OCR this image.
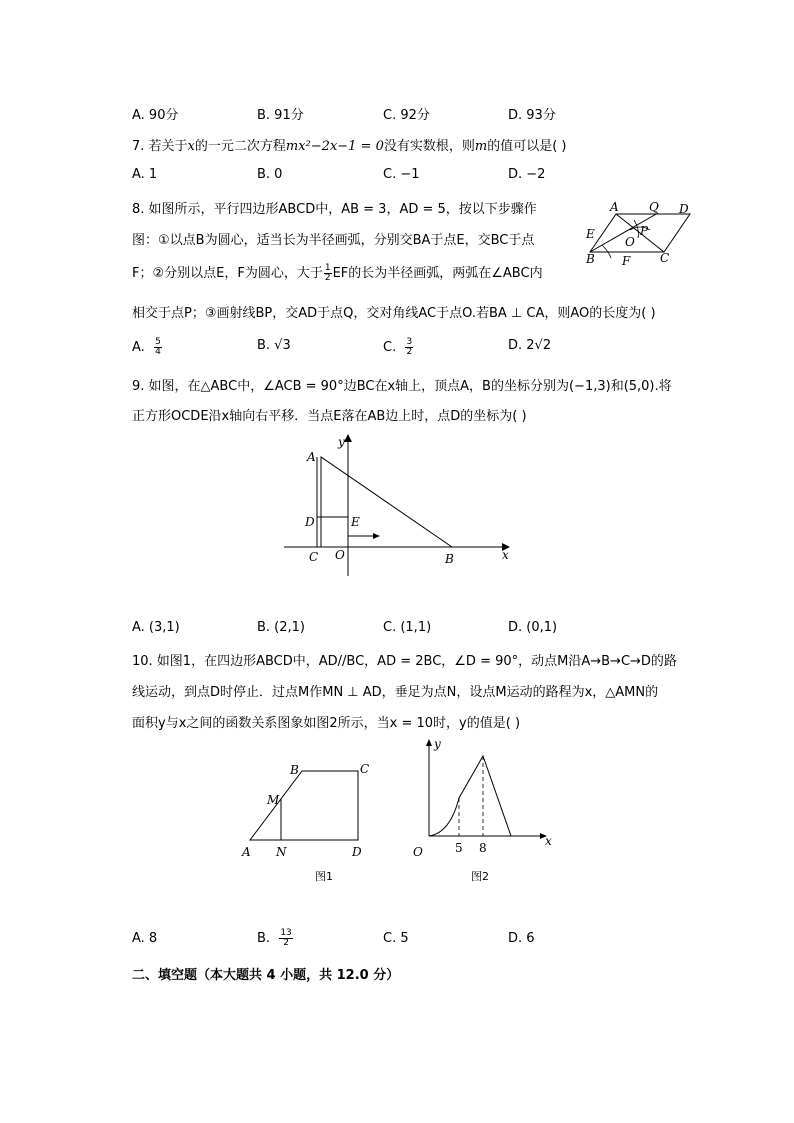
A. 90分	B. 91分	C. 92分	D. 93分
7. 若关于x的一元二次方程mx²−2x−1 = 0没有实数根，则m的值可以是( )
A. 1	B. 0	C. −1	D. −2
8. 如图所示，平行四边形ABCD中，AB = 3，AD = 5，按以下步骤作
图：①以点B为圆心，适当长为半径画弧，分别交BA于点E，交BC于点
F；②分别以点E，F为圆心，大于 $\frac{1}{2}$ EF的长为半径画弧，两弧在∠ABC内
相交于点P；③画射线BP，交AD于点Q，交对角线AC于点O.若BA ⊥ CA，则AO的长度为( )
A	Q D
E	P
O
B F C
A. $\frac{5}{4}$	B. √3	C. $\frac{3}{2}$	D. 2√2
9. 如图，在△ABC中，∠ACB = 90°边BC在x轴上，顶点A，B的坐标分别为(−1,3)和(5,0).将
正方形OCDE沿x轴向右平移．当点E落在AB边上时，点D的坐标为( )
y
A
D	E
C O	B	x
A. (3,1)	B. (2,1)	C. (1,1)	D. (0,1)
10. 如图1，在四边形ABCD中，AD//BC，AD = 2BC，∠D = 90°，动点M沿A→B→C→D的路
线运动，到点D时停止．过点M作MN ⊥ AD，垂足为点N，设点M运动的路程为x，△AMN的
面积y与x之间的函数关系图象如图2所示，当x = 10时，y的值是( )
B	C
M
A N	D
图1
y
O	5 8	x
图2
A. 8	B. $\frac{13}{2}$	C. 5	D. 6
二、填空题（本大题共 4 小题，共 12.0 分）
